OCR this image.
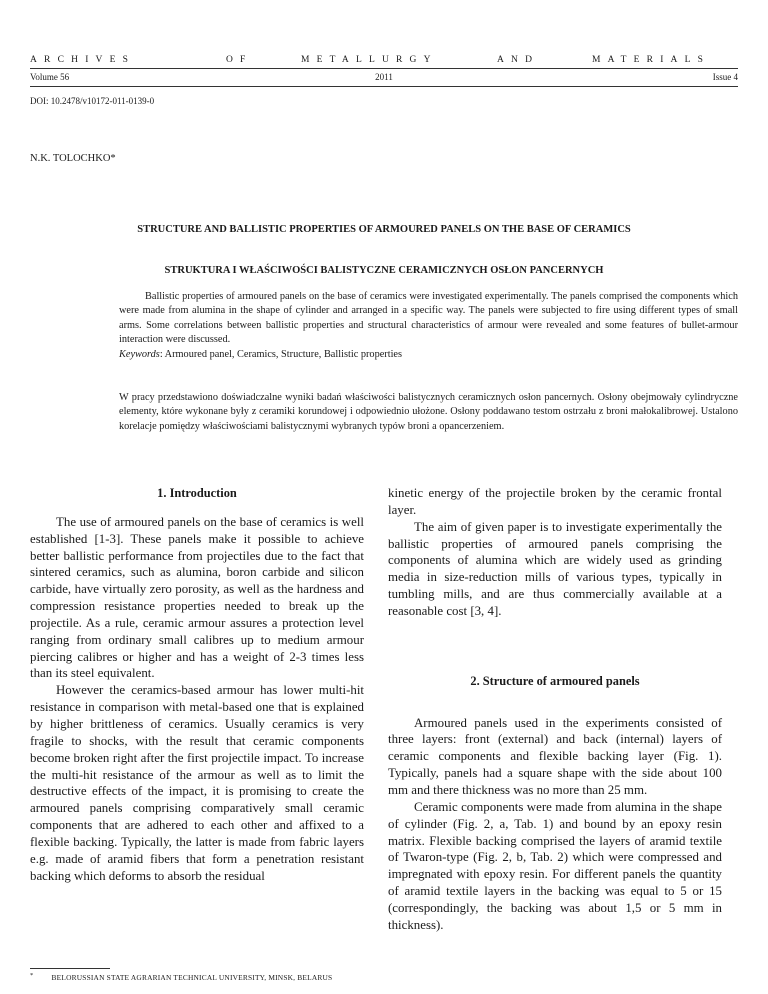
ARCHIVES	OF	METALLURGY	AND	MATERIALS
Volume 56	2011	Issue 4
DOI: 10.2478/v10172-011-0139-0
N.K. TOLOCHKO*
STRUCTURE AND BALLISTIC PROPERTIES OF ARMOURED PANELS ON THE BASE OF CERAMICS
STRUKTURA I WŁAŚCIWOŚCI BALISTYCZNE CERAMICZNYCH OSŁON PANCERNYCH

Ballistic properties of armoured panels on the base of ceramics were investigated experimentally. The panels comprised the components which were made from alumina in the shape of cylinder and arranged in a specific way. The panels were subjected to fire using different types of small arms. Some correlations between ballistic properties and structural characteristics of armour were revealed and some features of bullet-armour interaction were discussed.
Keywords: Armoured panel, Ceramics, Structure, Ballistic properties

W pracy przedstawiono doświadczalne wyniki badań właściwości balistycznych ceramicznych osłon pancernych. Osłony obejmowały cylindryczne elementy, które wykonane były z ceramiki korundowej i odpowiednio ułożone. Osłony poddawano testom ostrzału z broni małokalibrowej. Ustalono korelacje pomiędzy właściwościami balistycznymi wybranych typów broni a opancerzeniem.

1. Introduction

The use of armoured panels on the base of ceramics is well established [1-3]. These panels make it possible to achieve better ballistic performance from projectiles due to the fact that sintered ceramics, such as alumina, boron carbide and silicon carbide, have virtually zero porosity, as well as the hardness and compression resistance properties needed to break up the projectile. As a rule, ceramic armour assures a protection level ranging from ordinary small calibres up to medium armour piercing calibres or higher and has a weight of 2-3 times less than its steel equivalent.

However the ceramics-based armour has lower multi-hit resistance in comparison with metal-based one that is explained by higher brittleness of ceramics. Usually ceramics is very fragile to shocks, with the result that ceramic components become broken right after the first projectile impact. To increase the multi-hit resistance of the armour as well as to limit the destructive effects of the impact, it is promising to create the armoured panels comprising comparatively small ceramic components that are adhered to each other and affixed to a flexible backing. Typically, the latter is made from fabric layers e.g. made of aramid fibers that form a penetration resistant backing which deforms to absorb the residual

* BELORUSSIAN STATE AGRARIAN TECHNICAL UNIVERSITY, MINSK, BELARUS

kinetic energy of the projectile broken by the ceramic frontal layer.

The aim of given paper is to investigate experimentally the ballistic properties of armoured panels comprising the components of alumina which are widely used as grinding media in size-reduction mills of various types, typically in tumbling mills, and are thus commercially available at a reasonable cost [3, 4].

2. Structure of armoured panels

Armoured panels used in the experiments consisted of three layers: front (external) and back (internal) layers of ceramic components and flexible backing layer (Fig. 1). Typically, panels had a square shape with the side about 100 mm and there thickness was no more than 25 mm.

Ceramic components were made from alumina in the shape of cylinder (Fig. 2, a, Tab. 1) and bound by an epoxy resin matrix. Flexible backing comprised the layers of aramid textile of Twaron-type (Fig. 2, b, Tab. 2) which were compressed and impregnated with epoxy resin. For different panels the quantity of aramid textile layers in the backing was equal to 5 or 15 (correspondingly, the backing was about 1,5 or 5 mm in thickness).
